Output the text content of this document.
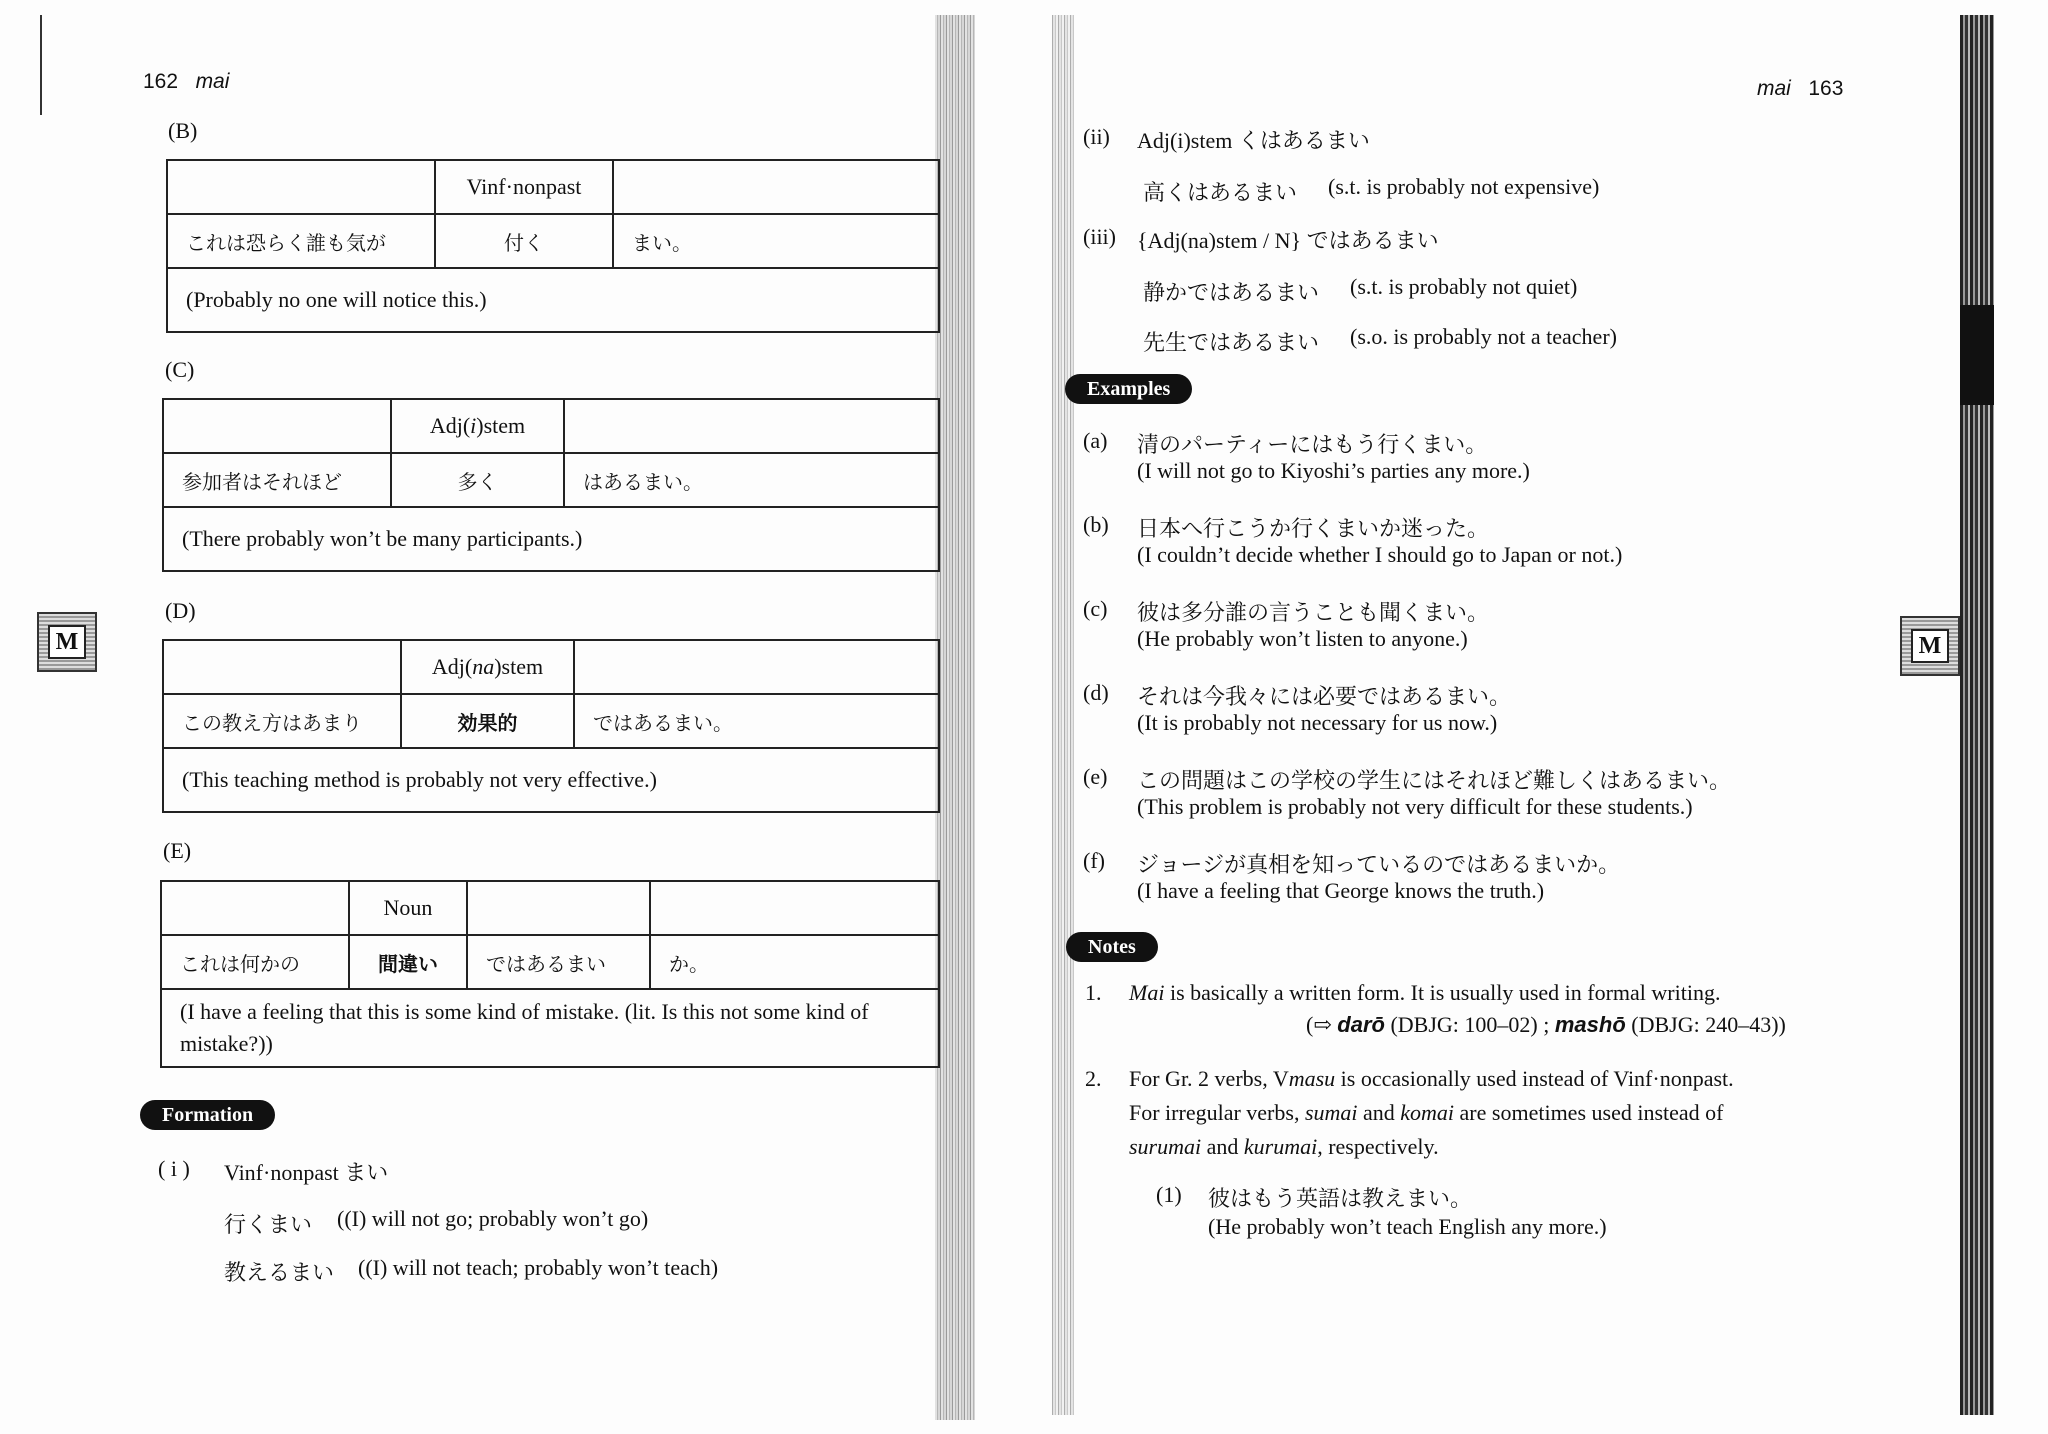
162 mai
M
(B)
	Vinf·nonpast	
これは恐らく誰も気が	付く	まい。
(Probably no one will notice this.)		
(C)
	Adj(i)stem	
参加者はそれほど	多く	はあるまい。
(There probably won’t be many participants.)		
(D)
	Adj(na)stem	
この教え方はあまり	効果的	ではあるまい。
(This teaching method is probably not very effective.)		
(E)
	Noun		
これは何かの	間違い	ではあるまい	か。
(I have a feeling that this is some kind of mistake. (lit. Is this not some kind of mistake?))			
Formation
( i ) Vinf·nonpast まい
行くまい ((I) will not go; probably won’t go)
教えるまい ((I) will not teach; probably won’t teach)
mai 163
M
(ii) Adj(i)stem くはあるまい
高くはあるまい (s.t. is probably not expensive)
(iii) {Adj(na)stem / N} ではあるまい
静かではあるまい (s.t. is probably not quiet)
先生ではあるまい (s.o. is probably not a teacher)
Examples
(a) 清のパーティーにはもう行くまい。
(I will not go to Kiyoshi’s parties any more.)
(b) 日本へ行こうか行くまいか迷った。
(I couldn’t decide whether I should go to Japan or not.)
(c) 彼は多分誰の言うことも聞くまい。
(He probably won’t listen to anyone.)
(d) それは今我々には必要ではあるまい。
(It is probably not necessary for us now.)
(e) この問題はこの学校の学生にはそれほど難しくはあるまい。
(This problem is probably not very difficult for these students.)
(f) ジョージが真相を知っているのではあるまいか。
(I have a feeling that George knows the truth.)
Notes
1. Mai is basically a written form. It is usually used in formal writing.
(⇨ darō (DBJG: 100–02) ; mashō (DBJG: 240–43))
2. For Gr. 2 verbs, Vmasu is occasionally used instead of Vinf·nonpast.
For irregular verbs, sumai and komai are sometimes used instead of
surumai and kurumai, respectively.
(1) 彼はもう英語は教えまい。
(He probably won’t teach English any more.)
